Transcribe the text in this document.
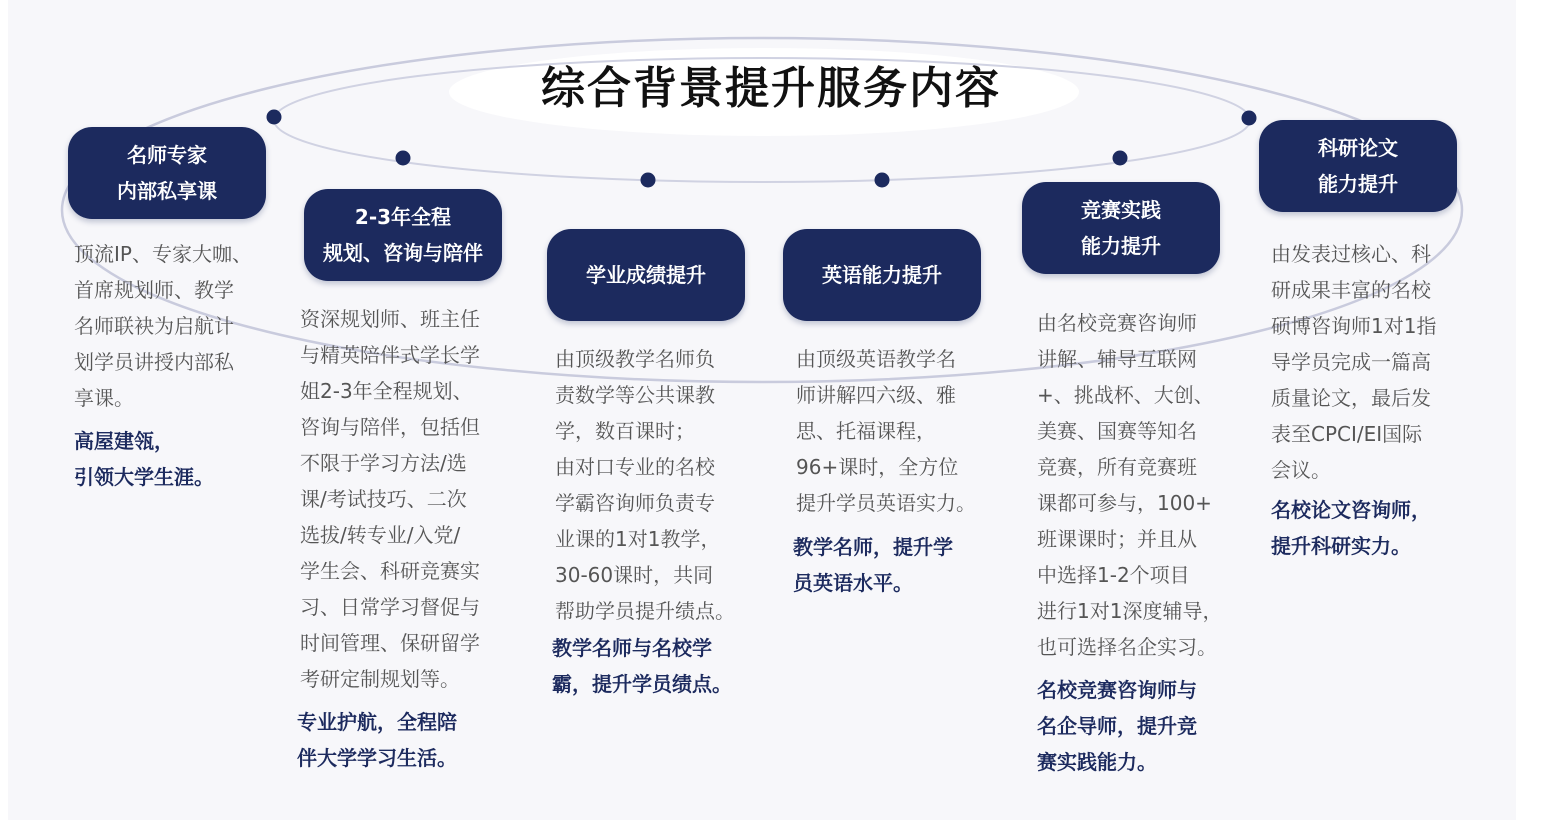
综合背景提升服务内容
名师专家
内部私享课
顶流IP、专家大咖、
首席规划师、教学
名师联袂为启航计
划学员讲授内部私
享课。
高屋建瓴，
引领大学生涯。
2-3年全程
规划、咨询与陪伴
资深规划师、班主任
与精英陪伴式学长学
姐2-3年全程规划、
咨询与陪伴，包括但
不限于学习方法/选
课/考试技巧、二次
选拔/转专业/入党/
学生会、科研竞赛实
习、日常学习督促与
时间管理、保研留学
考研定制规划等。
专业护航，全程陪
伴大学学习生活。
学业成绩提升
由顶级教学名师负
责数学等公共课教
学，数百课时；
由对口专业的名校
学霸咨询师负责专
业课的1对1教学，
30-60课时，共同
帮助学员提升绩点。
教学名师与名校学
霸，提升学员绩点。
英语能力提升
由顶级英语教学名
师讲解四六级、雅
思、托福课程，
96+课时，全方位
提升学员英语实力。
教学名师，提升学
员英语水平。
竞赛实践
能力提升
由名校竞赛咨询师
讲解、辅导互联网
+、挑战杯、大创、
美赛、国赛等知名
竞赛，所有竞赛班
课都可参与，100+
班课课时；并且从
中选择1-2个项目
进行1对1深度辅导，
也可选择名企实习。
名校竞赛咨询师与
名企导师，提升竞
赛实践能力。
科研论文
能力提升
由发表过核心、科
研成果丰富的名校
硕博咨询师1对1指
导学员完成一篇高
质量论文，最后发
表至CPCI/EI国际
会议。
名校论文咨询师，
提升科研实力。
